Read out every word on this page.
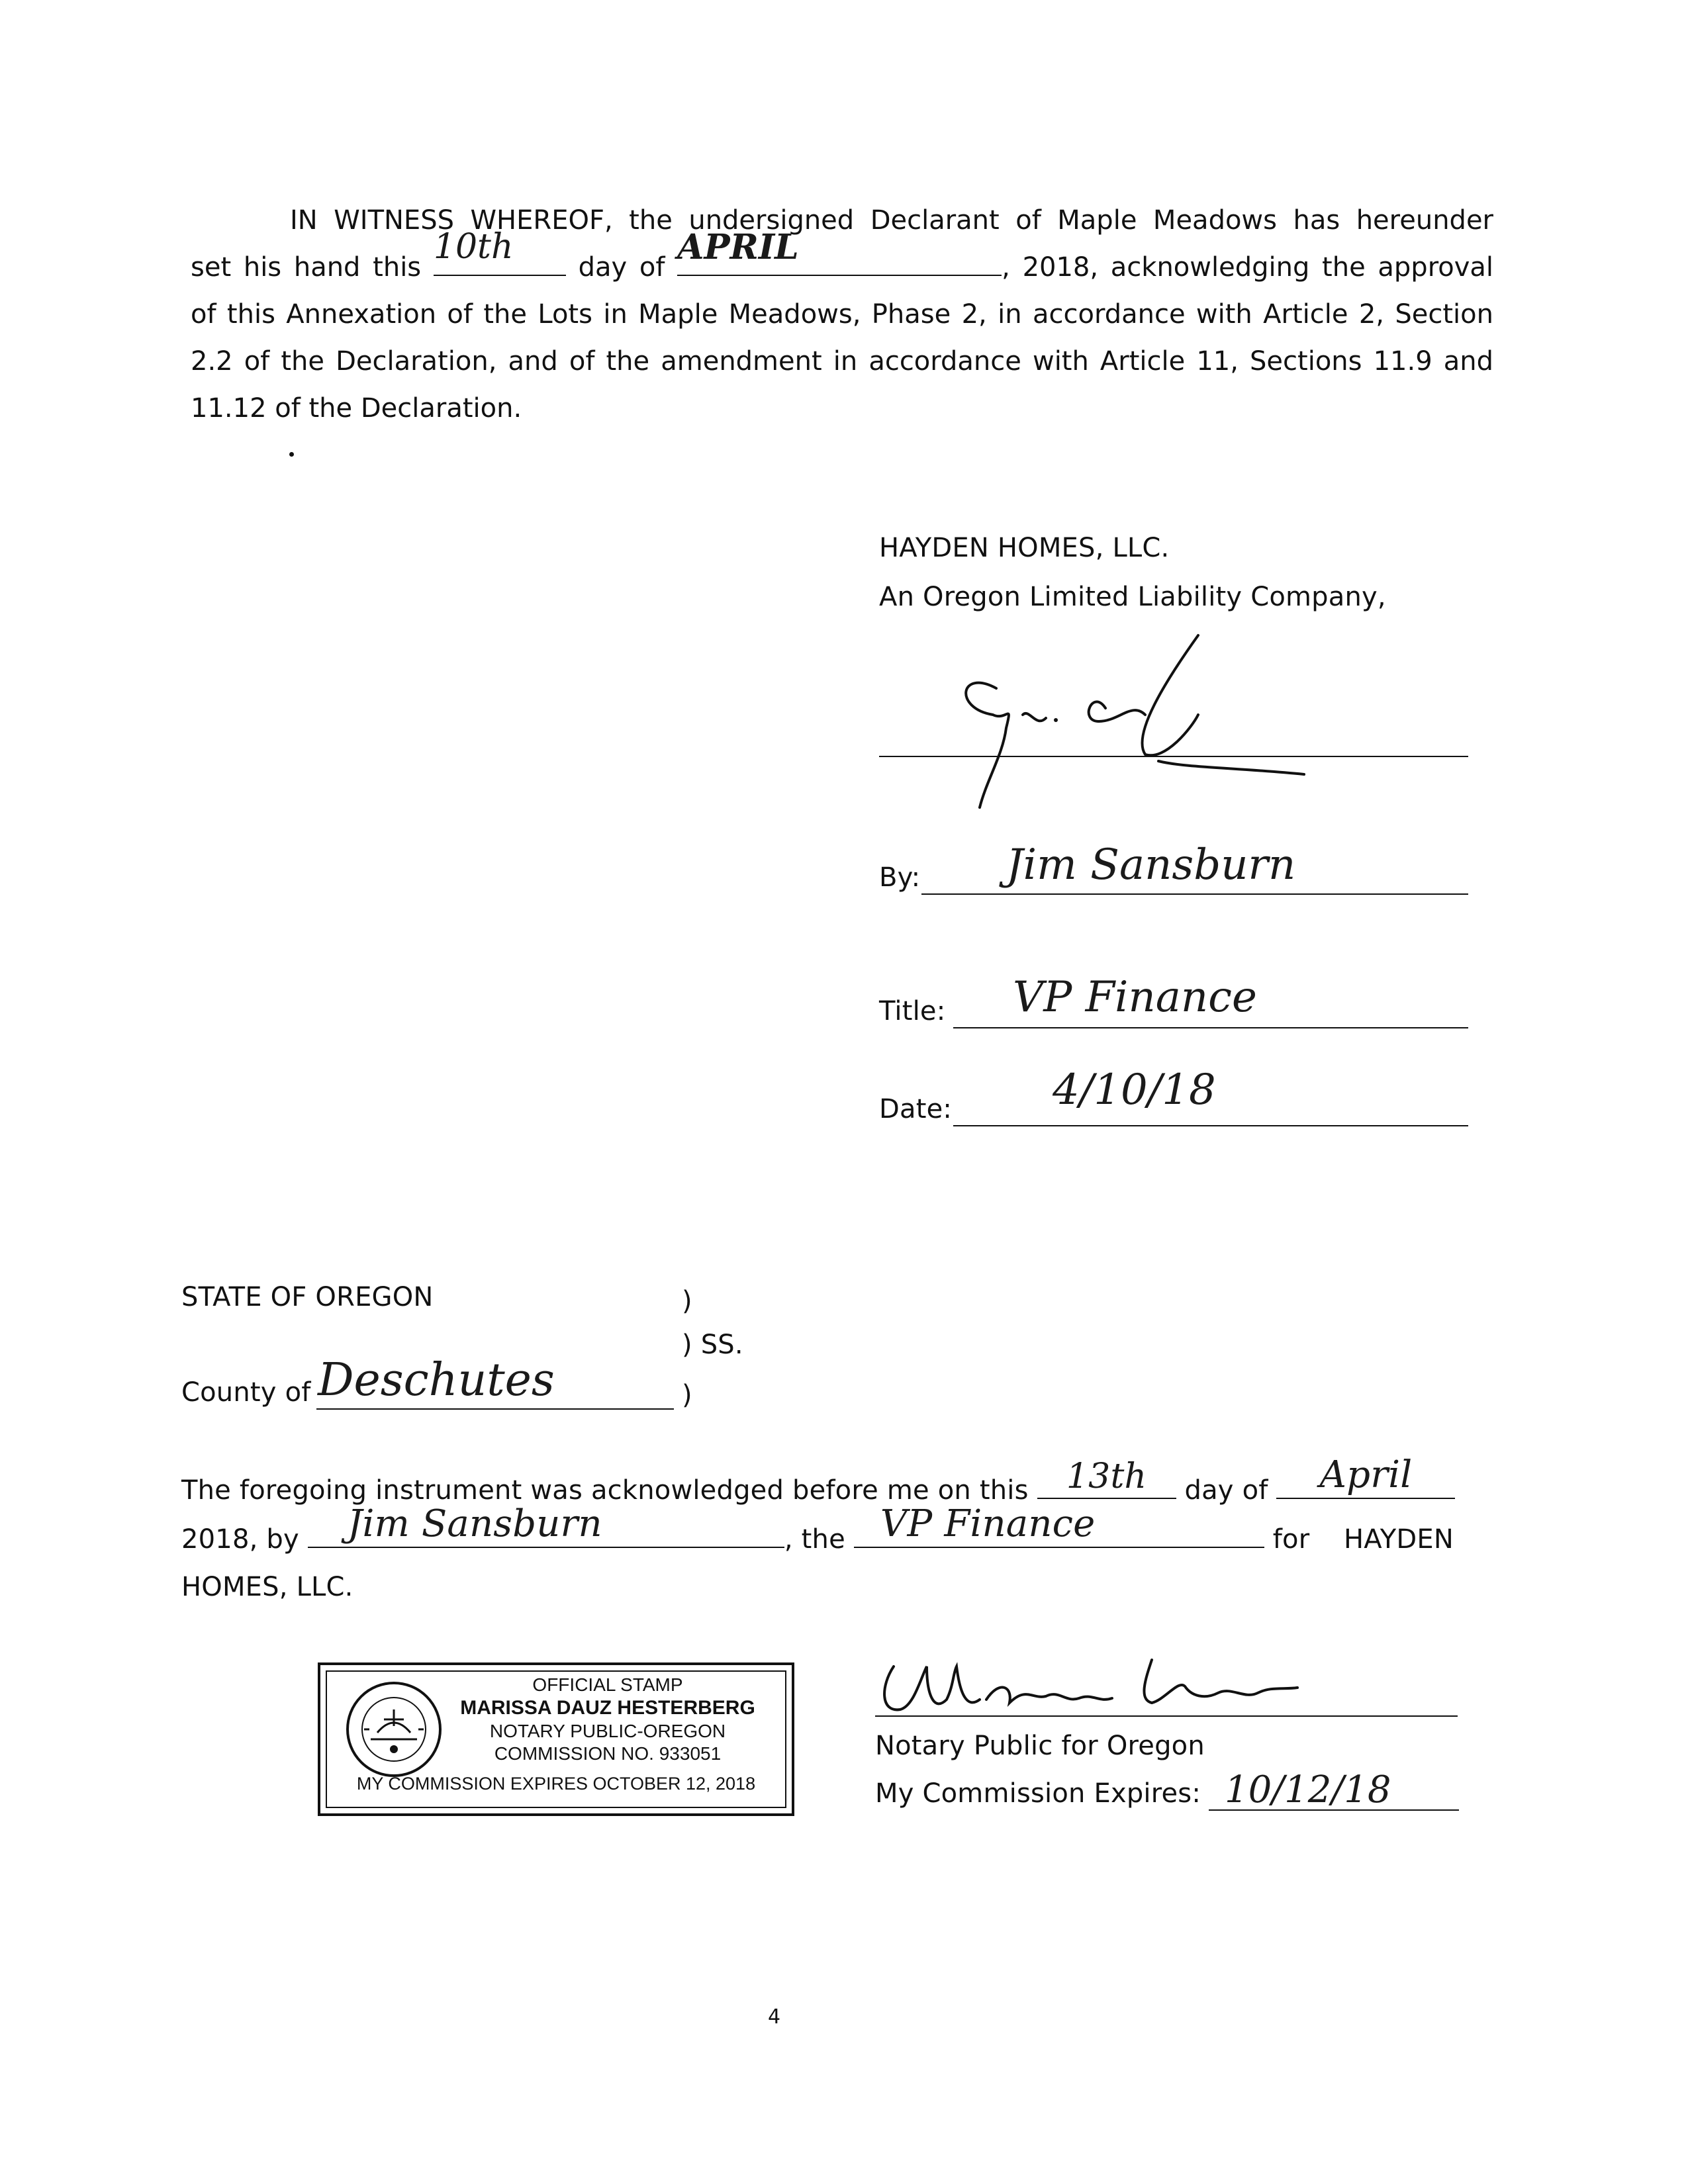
IN WITNESS WHEREOF, the undersigned Declarant of Maple Meadows has hereunder
set his hand this
10th
day of APRIL	, 2018, acknowledging the approval
of this Annexation of the Lots in Maple Meadows, Phase 2, in accordance with Article 2, Section
2.2 of the Declaration, and of the amendment in accordance with Article 11, Sections 11.9 and
11.12 of the Declaration.
HAYDEN HOMES, LLC.
An Oregon Limited Liability Company,
By: Jim Sansburn
Title: VP Finance
Date: 4/10/18
STATE OF OREGON	)
) SS.
County of Deschutes	)
The foregoing instrument was acknowledged before me on this	13th	day of	April
2018, by	Jim Sansburn	, the VP Finance	for HAYDEN
HOMES, LLC.
OFFICIAL STAMP
MARISSA DAUZ HESTERBERG
NOTARY PUBLIC-OREGON
COMMISSION NO. 933051
MY COMMISSION EXPIRES OCTOBER 12, 2018
Notary Public for Oregon
My Commission Expires: 10/12/18
4
